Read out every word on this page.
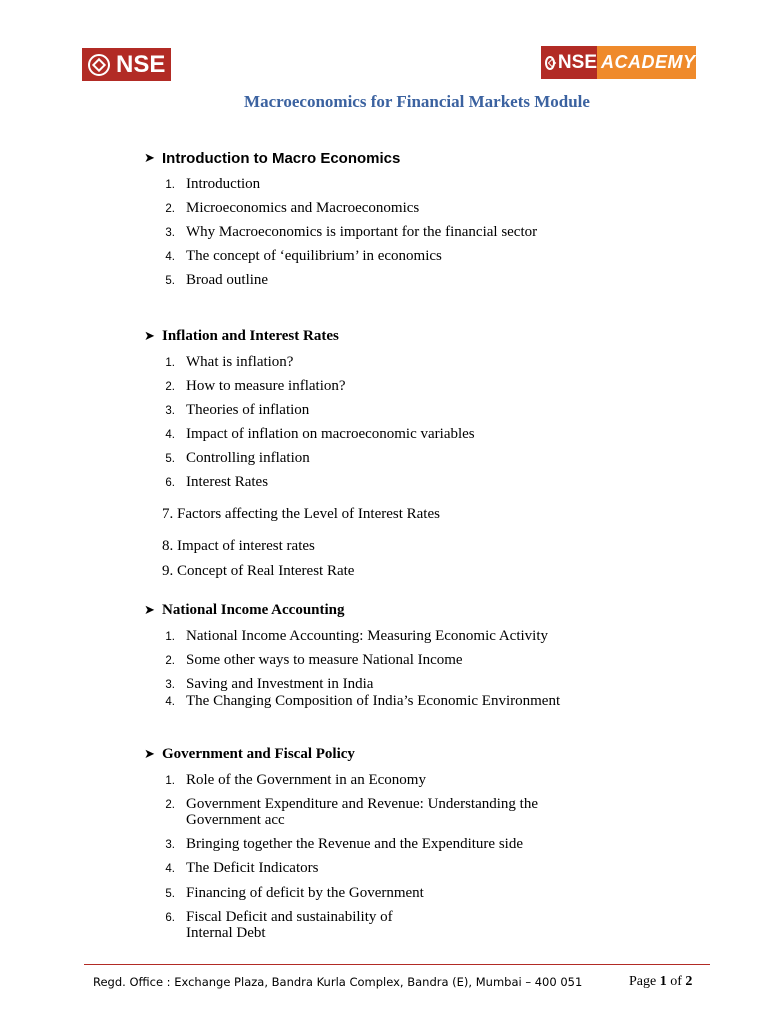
NSE	NSE ACADEMY
Macroeconomics for Financial Markets Module
➤ Introduction to Macro Economics
1. Introduction
2. Microeconomics and Macroeconomics
3. Why Macroeconomics is important for the financial sector
4. The concept of ‘equilibrium’ in economics
5. Broad outline
➤ Inflation and Interest Rates
1. What is inflation?
2. How to measure inflation?
3. Theories of inflation
4. Impact of inflation on macroeconomic variables
5. Controlling inflation
6. Interest Rates
7. Factors affecting the Level of Interest Rates
8. Impact of interest rates
9. Concept of Real Interest Rate
➤ National Income Accounting
1. National Income Accounting: Measuring Economic Activity
2. Some other ways to measure National Income
3. Saving and Investment in India
4. The Changing Composition of India’s Economic Environment
➤ Government and Fiscal Policy
1. Role of the Government in an Economy
2. Government Expenditure and Revenue: Understanding the
Government acc
3. Bringing together the Revenue and the Expenditure side
4. The Deficit Indicators
5. Financing of deficit by the Government
6. Fiscal Deficit and sustainability of
Internal Debt
Regd. Office : Exchange Plaza, Bandra Kurla Complex, Bandra (E), Mumbai – 400 051	Page 1 of 2
